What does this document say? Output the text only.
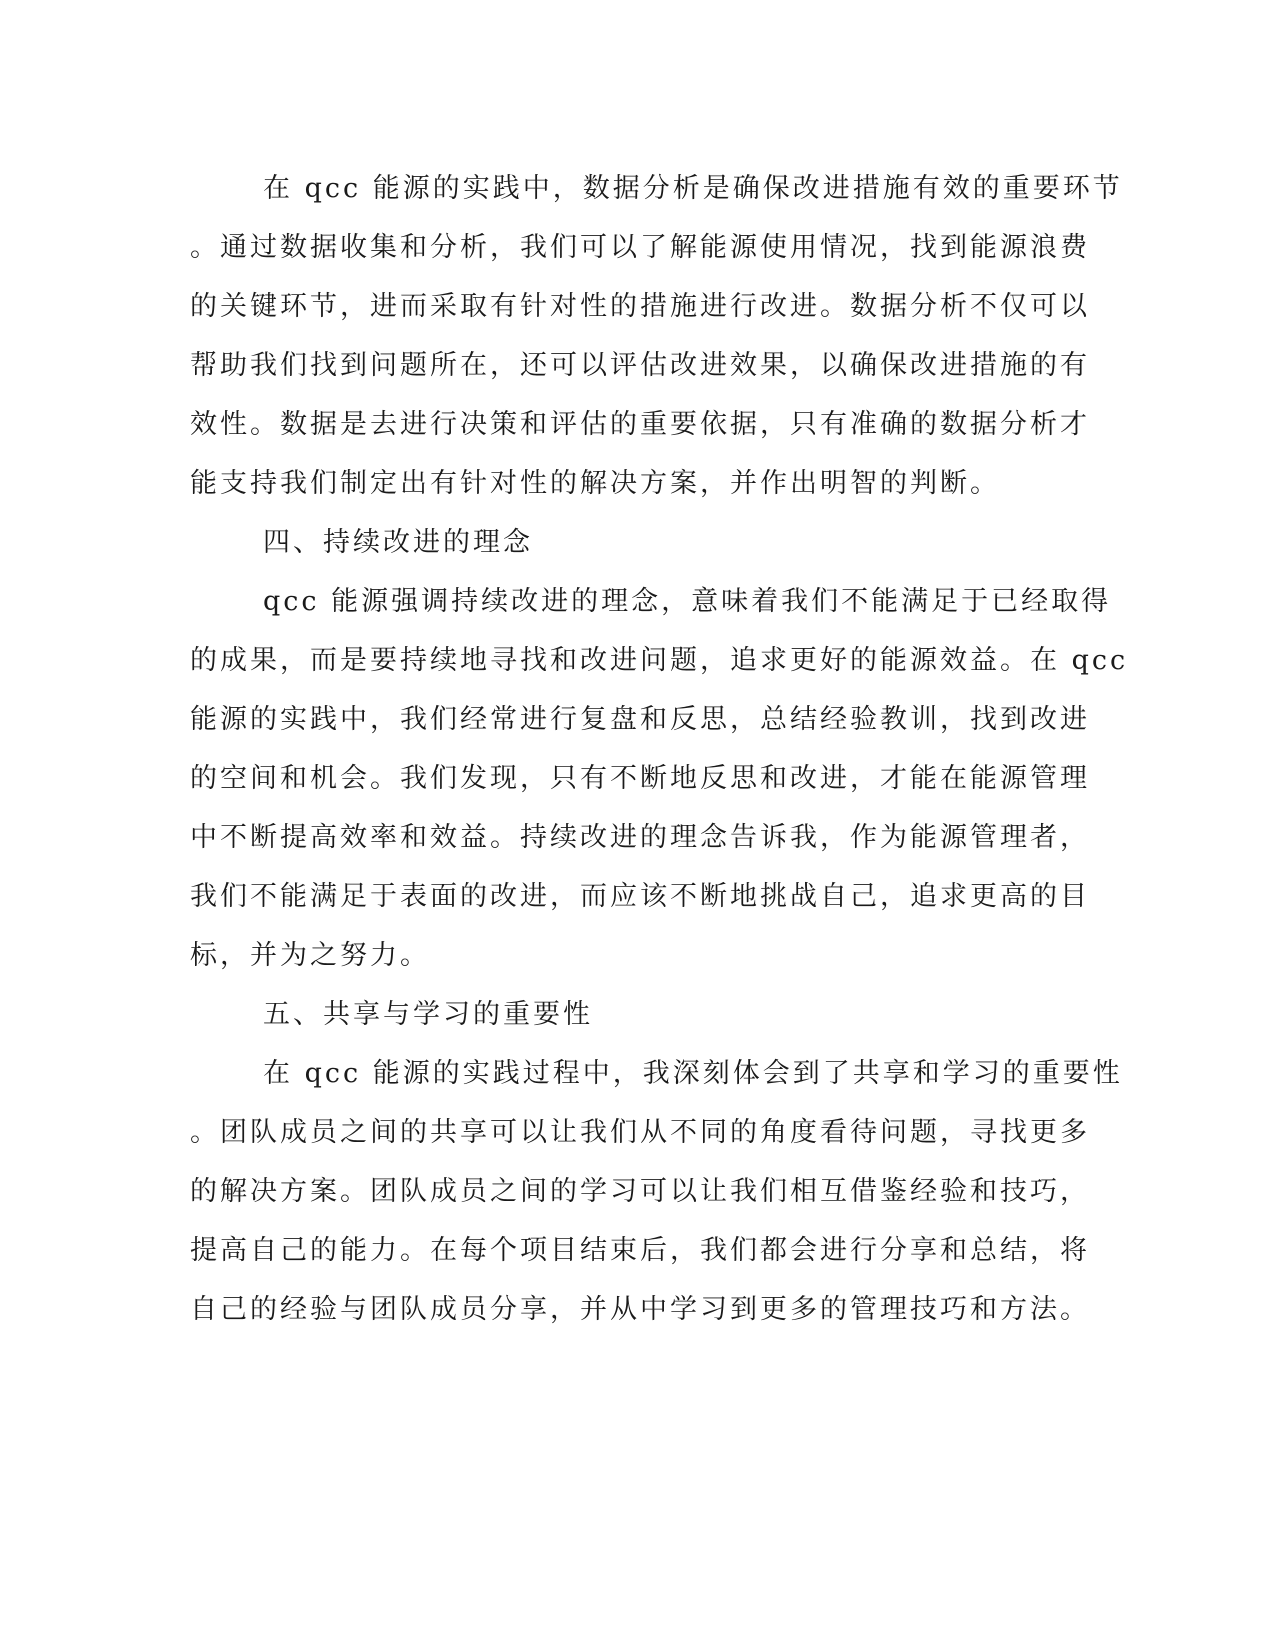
在 qcc 能源的实践中，数据分析是确保改进措施有效的重要环节
。通过数据收集和分析，我们可以了解能源使用情况，找到能源浪费
的关键环节，进而采取有针对性的措施进行改进。数据分析不仅可以
帮助我们找到问题所在，还可以评估改进效果，以确保改进措施的有
效性。数据是去进行决策和评估的重要依据，只有准确的数据分析才
能支持我们制定出有针对性的解决方案，并作出明智的判断。
四、持续改进的理念
qcc 能源强调持续改进的理念，意味着我们不能满足于已经取得
的成果，而是要持续地寻找和改进问题，追求更好的能源效益。在 qcc
能源的实践中，我们经常进行复盘和反思，总结经验教训，找到改进
的空间和机会。我们发现，只有不断地反思和改进，才能在能源管理
中不断提高效率和效益。持续改进的理念告诉我，作为能源管理者，
我们不能满足于表面的改进，而应该不断地挑战自己，追求更高的目
标，并为之努力。
五、共享与学习的重要性
在 qcc 能源的实践过程中，我深刻体会到了共享和学习的重要性
。团队成员之间的共享可以让我们从不同的角度看待问题，寻找更多
的解决方案。团队成员之间的学习可以让我们相互借鉴经验和技巧，
提高自己的能力。在每个项目结束后，我们都会进行分享和总结，将
自己的经验与团队成员分享，并从中学习到更多的管理技巧和方法。
